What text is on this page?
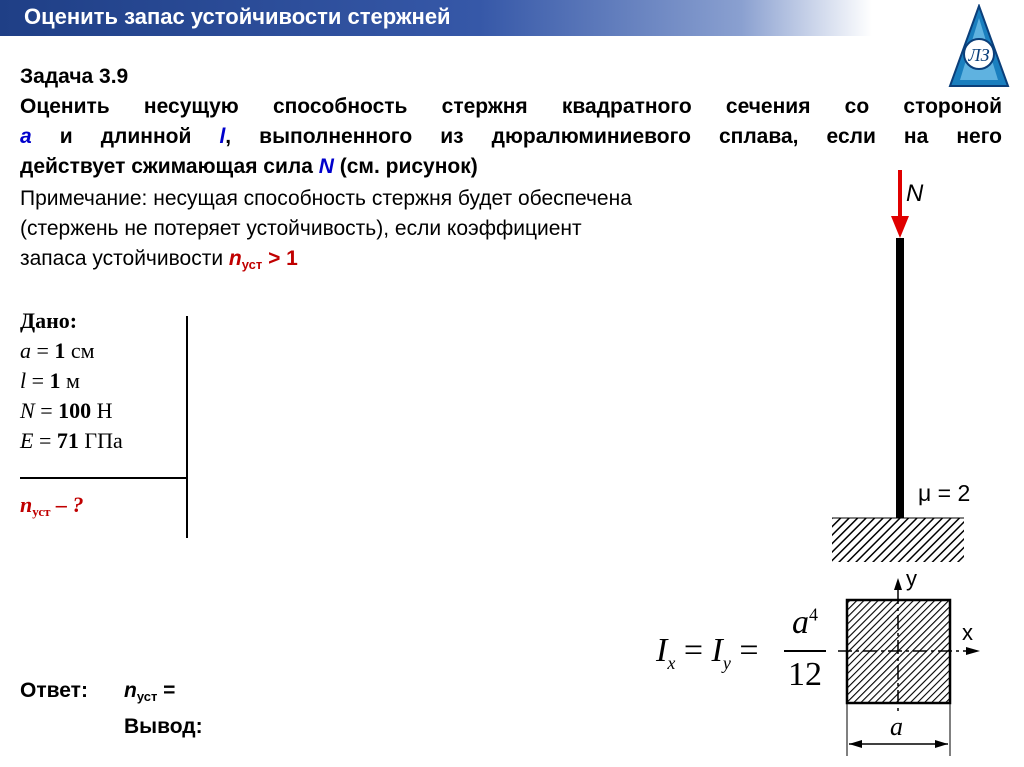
Оценить запас устойчивости стержней
ЛЗ
Задача 3.9
Оценить несущую способность стержня квадратного сечения со стороной
a и длинной l, выполненного из дюралюминиевого сплава, если на него
действует сжимающая сила N (см. рисунок)
Примечание: несущая способность стержня будет обеспечена
(стержень не потеряет устойчивость), если коэффициент
запаса устойчивости $n_{уст} > 1$
Дано:
a = 1 см
l = 1 м
N = 100 Н
E = 71 ГПа
$n_{уст}$ – ?
Ответ: $n_{уст}$ =
Вывод:
N
μ = 2
y
x
a
$I_x = I_y$ =
$a^4$
12
